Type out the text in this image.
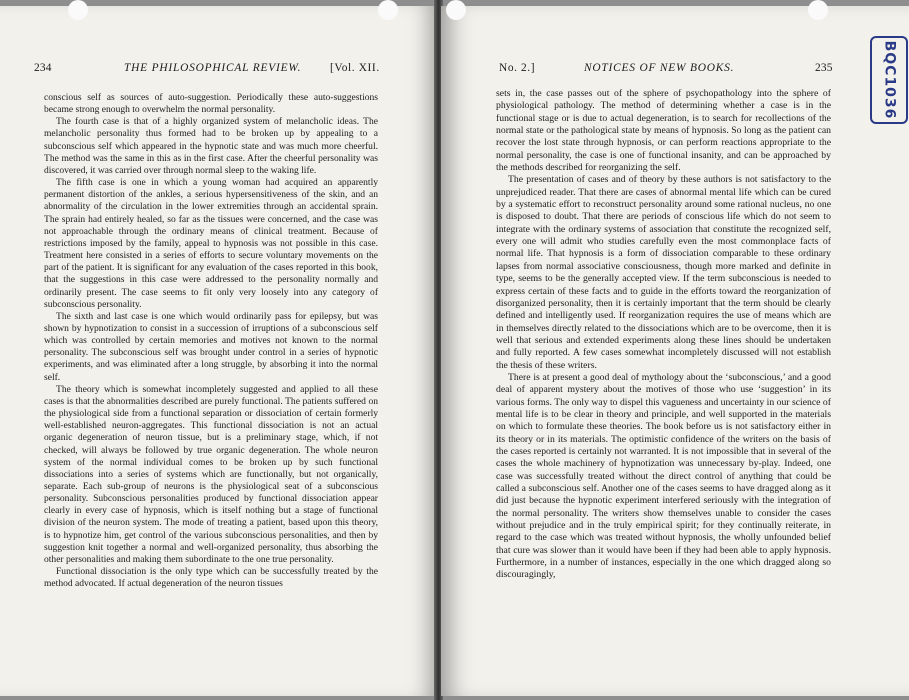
234	THE PHILOSOPHICAL REVIEW.	[Vol. XII.

conscious self as sources of auto-suggestion. Periodically these auto-suggestions became strong enough to overwhelm the normal personality.

The fourth case is that of a highly organized system of melancholic ideas. The melancholic personality thus formed had to be broken up by appealing to a subconscious self which appeared in the hypnotic state and was much more cheerful. The method was the same in this as in the first case. After the cheerful personality was discovered, it was carried over through normal sleep to the waking life.

The fifth case is one in which a young woman had acquired an apparently permanent distortion of the ankles, a serious hypersensitiveness of the skin, and an abnormality of the circulation in the lower extremities through an accidental sprain. The sprain had entirely healed, so far as the tissues were concerned, and the case was not approachable through the ordinary means of clinical treatment. Because of restrictions imposed by the family, appeal to hypnosis was not possible in this case. Treatment here consisted in a series of efforts to secure voluntary movements on the part of the patient. It is significant for any evaluation of the cases reported in this book, that the suggestions in this case were addressed to the personality normally and ordinarily present. The case seems to fit only very loosely into any category of subconscious personality.

The sixth and last case is one which would ordinarily pass for epilepsy, but was shown by hypnotization to consist in a succession of irruptions of a subconscious self which was controlled by certain memories and motives not known to the normal personality. The subconscious self was brought under control in a series of hypnotic experiments, and was eliminated after a long struggle, by absorbing it into the normal self.

The theory which is somewhat incompletely suggested and applied to all these cases is that the abnormalities described are purely functional. The patients suffered on the physiological side from a functional separation or dissociation of certain formerly well-established neuron-aggregates. This functional dissociation is not an actual organic degeneration of neuron tissue, but is a preliminary stage, which, if not checked, will always be followed by true organic degeneration. The whole neuron system of the normal individual comes to be broken up by such functional dissociations into a series of systems which are functionally, but not organically, separate. Each sub-group of neurons is the physiological seat of a subconscious personality. Subconscious personalities produced by functional dissociation appear clearly in every case of hypnosis, which is itself nothing but a stage of functional division of the neuron system. The mode of treating a patient, based upon this theory, is to hypnotize him, get control of the various subconscious personalities, and then by suggestion knit together a normal and well-organized personality, thus absorbing the other personalities and making them subordinate to the one true personality.

Functional dissociation is the only type which can be successfully treated by the method advocated. If actual degeneration of the neuron tissues

No. 2.]	NOTICES OF NEW BOOKS.	235

sets in, the case passes out of the sphere of psychopathology into the sphere of physiological pathology. The method of determining whether a case is in the functional stage or is due to actual degeneration, is to search for recollections of the normal state or the pathological state by means of hypnosis. So long as the patient can recover the lost state through hypnosis, or can perform reactions appropriate to the normal personality, the case is one of functional insanity, and can be approached by the methods described for reorganizing the self.

The presentation of cases and of theory by these authors is not satisfactory to the unprejudiced reader. That there are cases of abnormal mental life which can be cured by a systematic effort to reconstruct personality around some rational nucleus, no one is disposed to doubt. That there are periods of conscious life which do not seem to integrate with the ordinary systems of association that constitute the recognized self, every one will admit who studies carefully even the most commonplace facts of normal life. That hypnosis is a form of dissociation comparable to these ordinary lapses from normal associative consciousness, though more marked and definite in type, seems to be the generally accepted view. If the term subconscious is needed to express certain of these facts and to guide in the efforts toward the reorganization of disorganized personality, then it is certainly important that the term should be clearly defined and intelligently used. If reorganization requires the use of means which are in themselves directly related to the dissociations which are to be overcome, then it is well that serious and extended experiments along these lines should be undertaken and fully reported. A few cases somewhat incompletely discussed will not establish the thesis of these writers.

There is at present a good deal of mythology about the ‘subconscious,’ and a good deal of apparent mystery about the motives of those who use ‘suggestion’ in its various forms. The only way to dispel this vagueness and uncertainty in our science of mental life is to be clear in theory and principle, and well supported in the materials on which to formulate these theories. The book before us is not satisfactory either in its theory or in its materials. The optimistic confidence of the writers on the basis of the cases reported is certainly not warranted. It is not impossible that in several of the cases the whole machinery of hypnotization was unnecessary by-play. Indeed, one case was successfully treated without the direct control of anything that could be called a subconscious self. Another one of the cases seems to have dragged along as it did just because the hypnotic experiment interfered seriously with the integration of the normal personality. The writers show themselves unable to consider the cases without prejudice and in the truly empirical spirit; for they continually reiterate, in regard to the case which was treated without hypnosis, the wholly unfounded belief that cure was slower than it would have been if they had been able to apply hypnosis. Furthermore, in a number of instances, especially in the one which dragged along so discouragingly,

BQC1036
